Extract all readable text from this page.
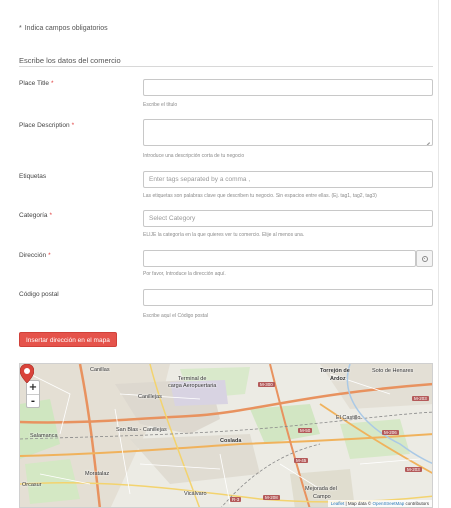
* Indica campos obligatorios
Escribe los datos del comercio
Place Title *
Escribe el título
Place Description *
Introduce una descripción corta de tu negocio
Etiquetas	Enter tags separated by a comma ,
Las etiquetas son palabras clave que describen tu negocio. Sin espacios entre ellas. (Ej. tag1, tag2, tag3)
Categoría *	Select Category
ELIJE la categoría en la que quieres ver tu comercio. Elije al menos una.
Dirección *
Por favor, Introduce la dirección aquí.
Código postal
Escribe aquí el Código postal
Insertar dirección en el mapa
Canillas
Terminal de
carga Aeropuertaria
Torrejón de
Ardoz
Soto de Henares
Canillejas
San Blas - Canillejas
El Castillo
Salamanca
Moratalaz
Coslada
Mejorada del
Campo
Vicálvaro
Orcasur
M-50
M-45
M-203
M-206
M-203
R-3	M-208
M-300
+
-
Leaflet | Map data © OpenStreetMap contributors
